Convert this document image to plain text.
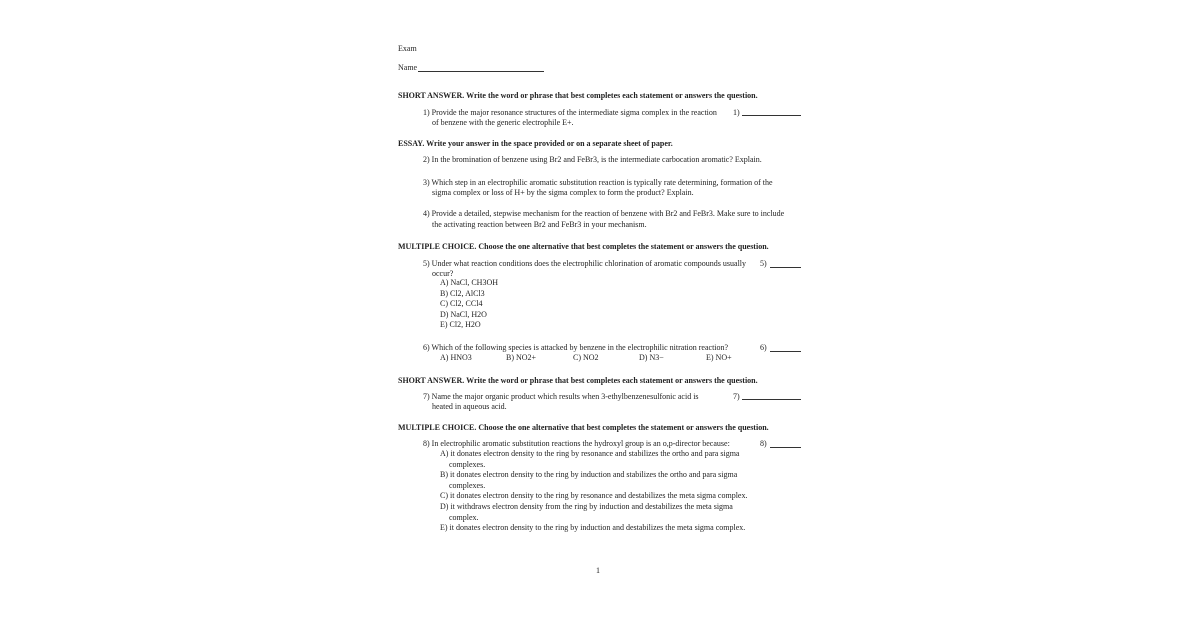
Exam
Name
SHORT ANSWER. Write the word or phrase that best completes each statement or answers the question.
1) Provide the major resonance structures of the intermediate sigma complex in the reaction
of benzene with the generic electrophile E+.
1)
ESSAY. Write your answer in the space provided or on a separate sheet of paper.
2) In the bromination of benzene using Br2 and FeBr3, is the intermediate carbocation aromatic? Explain.
3) Which step in an electrophilic aromatic substitution reaction is typically rate determining, formation of the
sigma complex or loss of H+ by the sigma complex to form the product? Explain.
4) Provide a detailed, stepwise mechanism for the reaction of benzene with Br2 and FeBr3. Make sure to include
the activating reaction between Br2 and FeBr3 in your mechanism.
MULTIPLE CHOICE. Choose the one alternative that best completes the statement or answers the question.
5) Under what reaction conditions does the electrophilic chlorination of aromatic compounds usually
occur?
5)
A) NaCl, CH3OH
B) Cl2, AlCl3
C) Cl2, CCl4
D) NaCl, H2O
E) Cl2, H2O
6) Which of the following species is attacked by benzene in the electrophilic nitration reaction?	6)
A) HNO3	B) NO2+	C) NO2	D) N3−	E) NO+
SHORT ANSWER. Write the word or phrase that best completes each statement or answers the question.
7) Name the major organic product which results when 3-ethylbenzenesulfonic acid is
heated in aqueous acid.
7)
MULTIPLE CHOICE. Choose the one alternative that best completes the statement or answers the question.
8) In electrophilic aromatic substitution reactions the hydroxyl group is an o,p-director because:	8)
A) it donates electron density to the ring by resonance and stabilizes the ortho and para sigma
complexes.
B) it donates electron density to the ring by induction and stabilizes the ortho and para sigma
complexes.
C) it donates electron density to the ring by resonance and destabilizes the meta sigma complex.
D) it withdraws electron density from the ring by induction and destabilizes the meta sigma
complex.
E) it donates electron density to the ring by induction and destabilizes the meta sigma complex.
1
